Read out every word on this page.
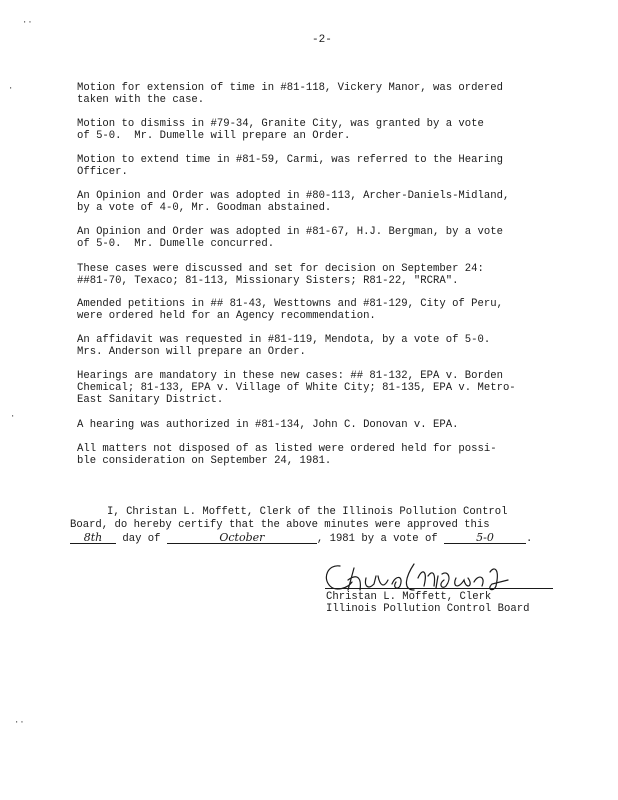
-2-
Motion for extension of time in #81-118, Vickery Manor, was ordered
taken with the case.
Motion to dismiss in #79-34, Granite City, was granted by a vote
of 5-0.  Mr. Dumelle will prepare an Order.
Motion to extend time in #81-59, Carmi, was referred to the Hearing
Officer.
An Opinion and Order was adopted in #80-113, Archer-Daniels-Midland,
by a vote of 4-0, Mr. Goodman abstained.
An Opinion and Order was adopted in #81-67, H.J. Bergman, by a vote
of 5-0.  Mr. Dumelle concurred.
These cases were discussed and set for decision on September 24:
##81-70, Texaco; 81-113, Missionary Sisters; R81-22, "RCRA".
Amended petitions in ## 81-43, Westtowns and #81-129, City of Peru,
were ordered held for an Agency recommendation.
An affidavit was requested in #81-119, Mendota, by a vote of 5-0.
Mrs. Anderson will prepare an Order.
Hearings are mandatory in these new cases: ## 81-132, EPA v. Borden
Chemical; 81-133, EPA v. Village of White City; 81-135, EPA v. Metro-
East Sanitary District.
A hearing was authorized in #81-134, John C. Donovan v. EPA.
All matters not disposed of as listed were ordered held for possi-
ble consideration on September 24, 1981.
I, Christan L. Moffett, Clerk of the Illinois Pollution Control
Board, do hereby certify that the above minutes were approved this
8th day of	October	, 1981 by a vote of	5-0	.
Christan L. Moffett, Clerk
Illinois Pollution Control Board
⋅⋅
⋅
⋅
⋅⋅
